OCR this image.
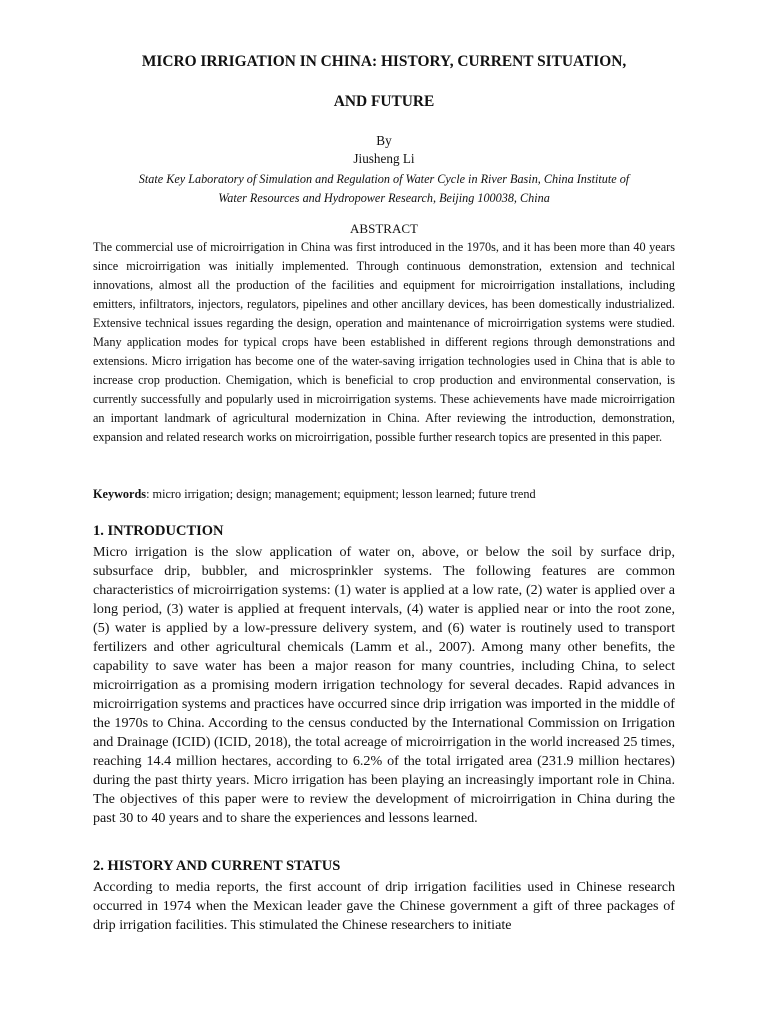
MICRO IRRIGATION IN CHINA: HISTORY, CURRENT SITUATION,
AND FUTURE
By
Jiusheng Li
State Key Laboratory of Simulation and Regulation of Water Cycle in River Basin, China Institute of
Water Resources and Hydropower Research, Beijing 100038, China
ABSTRACT

The commercial use of microirrigation in China was first introduced in the 1970s, and it has been more than 40 years since microirrigation was initially implemented. Through continuous demonstration, extension and technical innovations, almost all the production of the facilities and equipment for microirrigation installations, including emitters, infiltrators, injectors, regulators, pipelines and other ancillary devices, has been domestically industrialized. Extensive technical issues regarding the design, operation and maintenance of microirrigation systems were studied. Many application modes for typical crops have been established in different regions through demonstrations and extensions. Micro irrigation has become one of the water-saving irrigation technologies used in China that is able to increase crop production. Chemigation, which is beneficial to crop production and environmental conservation, is currently successfully and popularly used in microirrigation systems. These achievements have made microirrigation an important landmark of agricultural modernization in China. After reviewing the introduction, demonstration, expansion and related research works on microirrigation, possible further research topics are presented in this paper.

Keywords: micro irrigation; design; management; equipment; lesson learned; future trend

1. INTRODUCTION

Micro irrigation is the slow application of water on, above, or below the soil by surface drip, subsurface drip, bubbler, and microsprinkler systems. The following features are common characteristics of microirrigation systems: (1) water is applied at a low rate, (2) water is applied over a long period, (3) water is applied at frequent intervals, (4) water is applied near or into the root zone, (5) water is applied by a low-pressure delivery system, and (6) water is routinely used to transport fertilizers and other agricultural chemicals (Lamm et al., 2007). Among many other benefits, the capability to save water has been a major reason for many countries, including China, to select microirrigation as a promising modern irrigation technology for several decades. Rapid advances in microirrigation systems and practices have occurred since drip irrigation was imported in the middle of the 1970s to China. According to the census conducted by the International Commission on Irrigation and Drainage (ICID) (ICID, 2018), the total acreage of microirrigation in the world increased 25 times, reaching 14.4 million hectares, according to 6.2% of the total irrigated area (231.9 million hectares) during the past thirty years. Micro irrigation has been playing an increasingly important role in China. The objectives of this paper were to review the development of microirrigation in China during the past 30 to 40 years and to share the experiences and lessons learned.

2. HISTORY AND CURRENT STATUS

According to media reports, the first account of drip irrigation facilities used in Chinese research occurred in 1974 when the Mexican leader gave the Chinese government a gift of three packages of drip irrigation facilities. This stimulated the Chinese researchers to initiate
